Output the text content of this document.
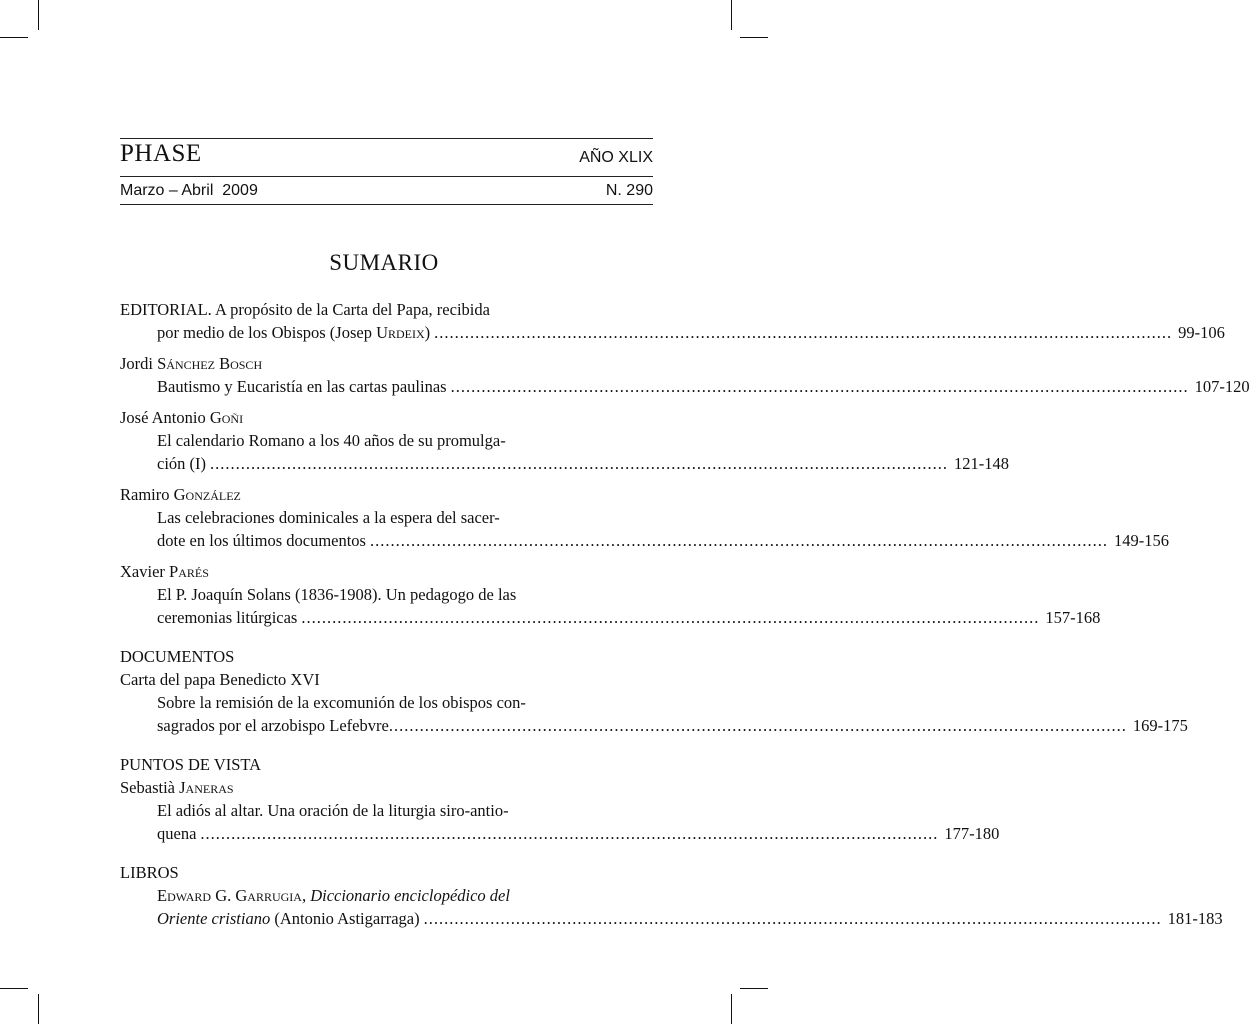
PHASE	AÑO XLIX
Marzo – Abril  2009	N. 290
SUMARIO
EDITORIAL. A propósito de la Carta del Papa, recibida
por medio de los Obispos (Josep Urdeix) ................................................................................................................................................ 99-106
Jordi
Sánchez Bosch
Bautismo y Eucaristía en las cartas paulinas ................................................................................................................................................ 107-120
José Antonio
Goñi
El calendario Romano a los 40 años de su promulga-
ción (I) ................................................................................................................................................ 121-148
Ramiro
González
Las celebraciones dominicales a la espera del sacer-
dote en los últimos documentos ................................................................................................................................................ 149-156
Xavier
Parés
El P. Joaquín Solans (1836-1908). Un pedagogo de las
ceremonias litúrgicas ................................................................................................................................................ 157-168
DOCUMENTOS
Carta del papa Benedicto XVI
Sobre la remisión de la excomunión de los obispos con-
sagrados por el arzobispo Lefebvre ................................................................................................................................................ 169-175
PUNTOS DE VISTA
Sebastià
Janeras
El adiós al altar. Una oración de la liturgia siro-antio-
quena ................................................................................................................................................ 177-180
LIBROS
Edward G. Garrugia, Diccionario enciclopédico del
Oriente cristiano (Antonio Astigarraga) ................................................................................................................................................ 181-183
